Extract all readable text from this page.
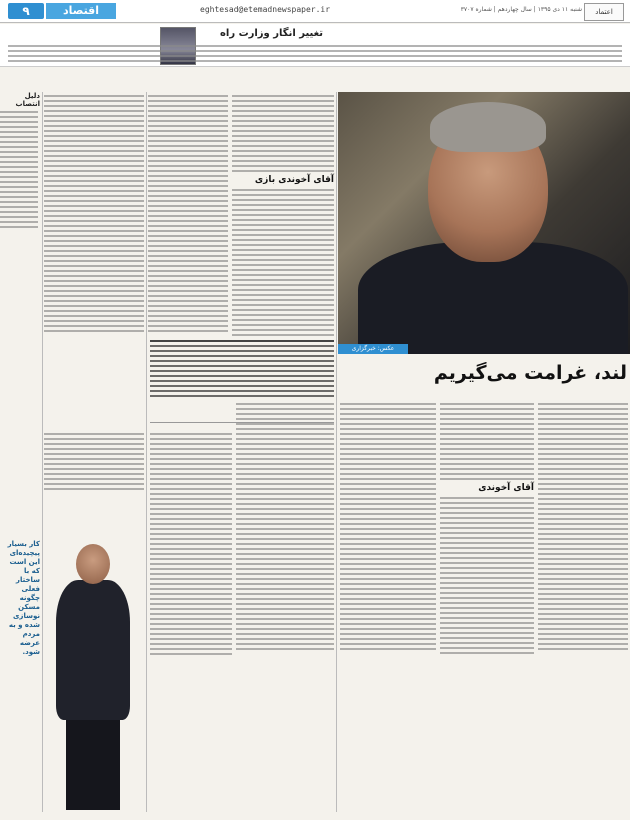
۹	اقتصاد	eghtesad@etemadnewspaper.ir	شنبه ۱۱ دی ۱۳۹۵ | سال چهاردهم | شماره ۳۷۰۷	اعتماد
تغییر انگار وزارت راه
عکس: خبرگزاری
لند، غرامت می‌گیریم
آقای آخوندی بازی
دلیل انتصاب
کار بسیار پیچیده‌ای این است که با ساختار فعلی چگونه مسکن نوسازی شده و به مردم عرضه شود.
آقای آخوندی
